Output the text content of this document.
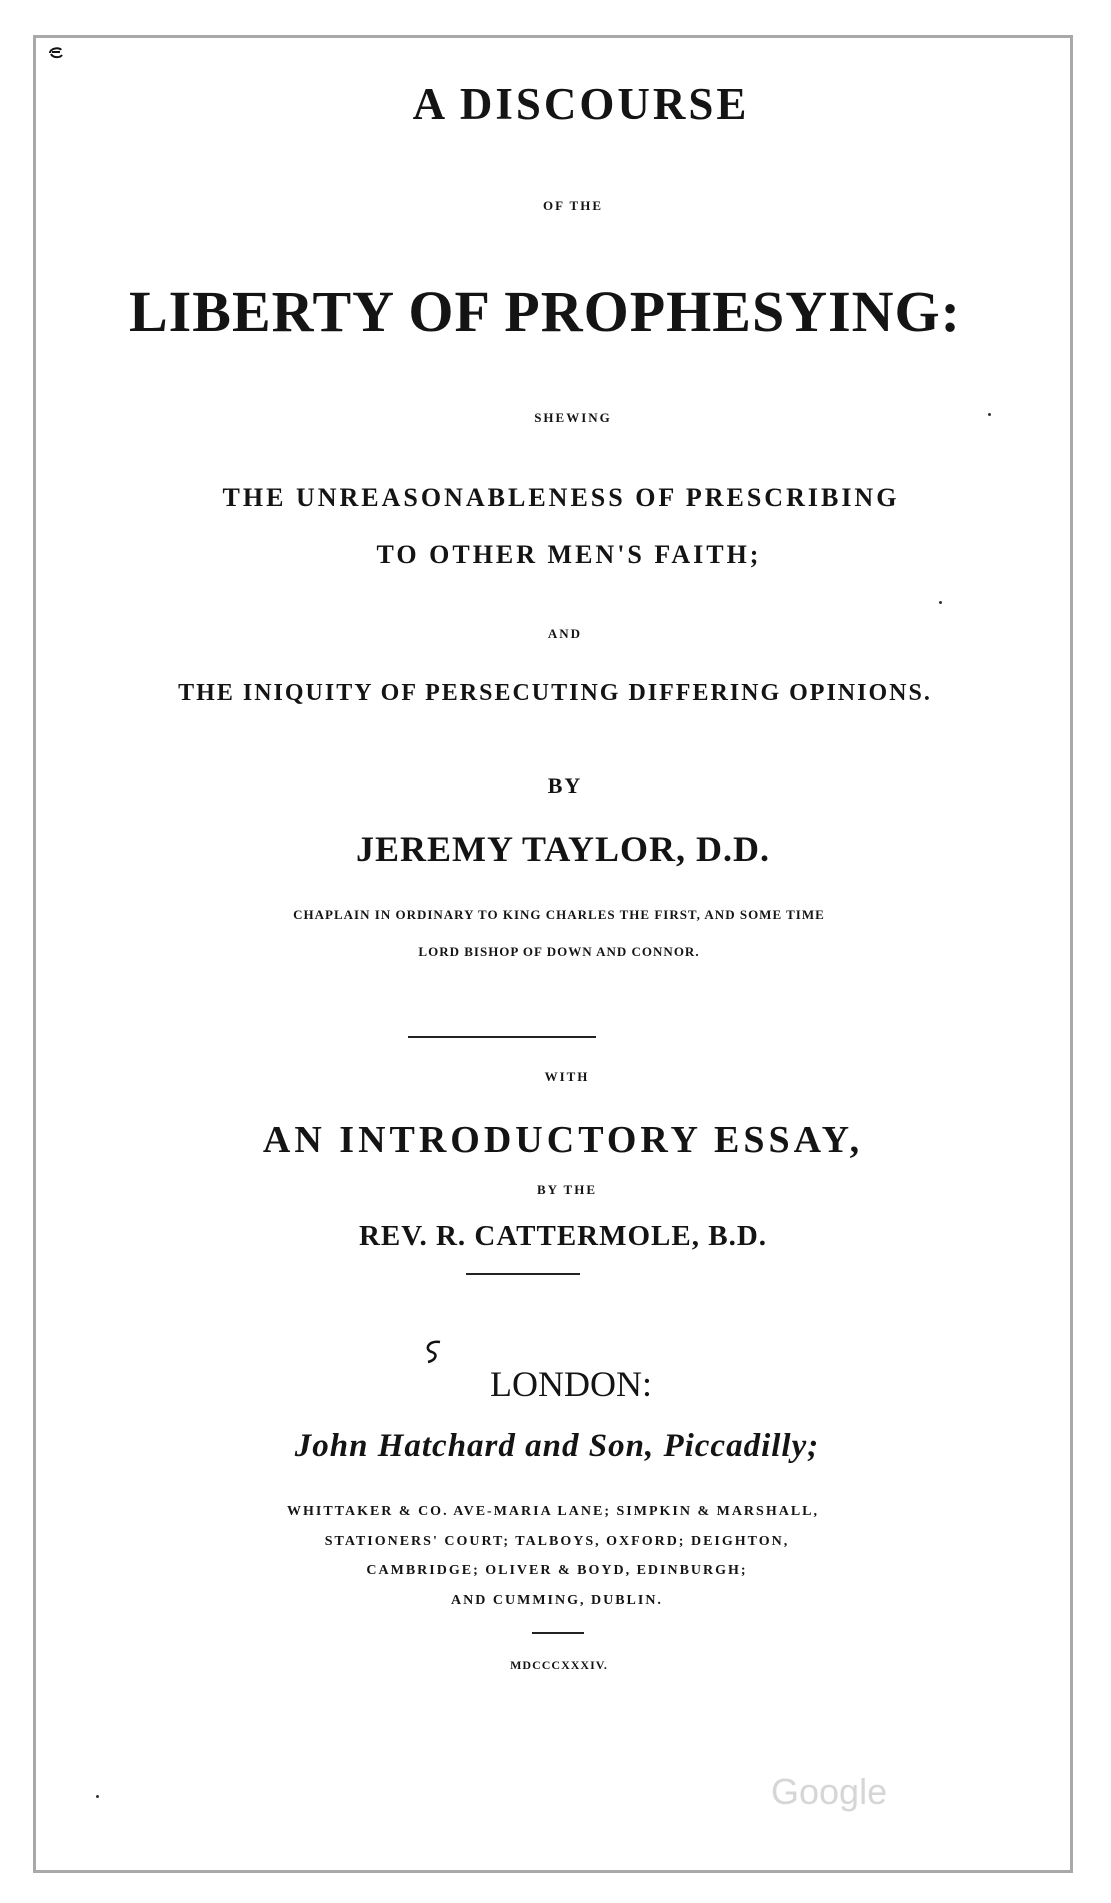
A DISCOURSE
OF THE
LIBERTY OF PROPHESYING:
SHEWING
THE UNREASONABLENESS OF PRESCRIBING
TO OTHER MEN'S FAITH;
AND
THE INIQUITY OF PERSECUTING DIFFERING OPINIONS.
BY
JEREMY TAYLOR, D.D.
CHAPLAIN IN ORDINARY TO KING CHARLES THE FIRST, AND SOME TIME
LORD BISHOP OF DOWN AND CONNOR.
WITH
AN INTRODUCTORY ESSAY,
BY THE
REV. R. CATTERMOLE, B.D.
LONDON:
John Hatchard and Son, Piccadilly;
WHITTAKER & CO. AVE-MARIA LANE; SIMPKIN & MARSHALL,
STATIONERS' COURT; TALBOYS, OXFORD; DEIGHTON,
CAMBRIDGE; OLIVER & BOYD, EDINBURGH;
AND CUMMING, DUBLIN.
MDCCCXXXIV.
Google
